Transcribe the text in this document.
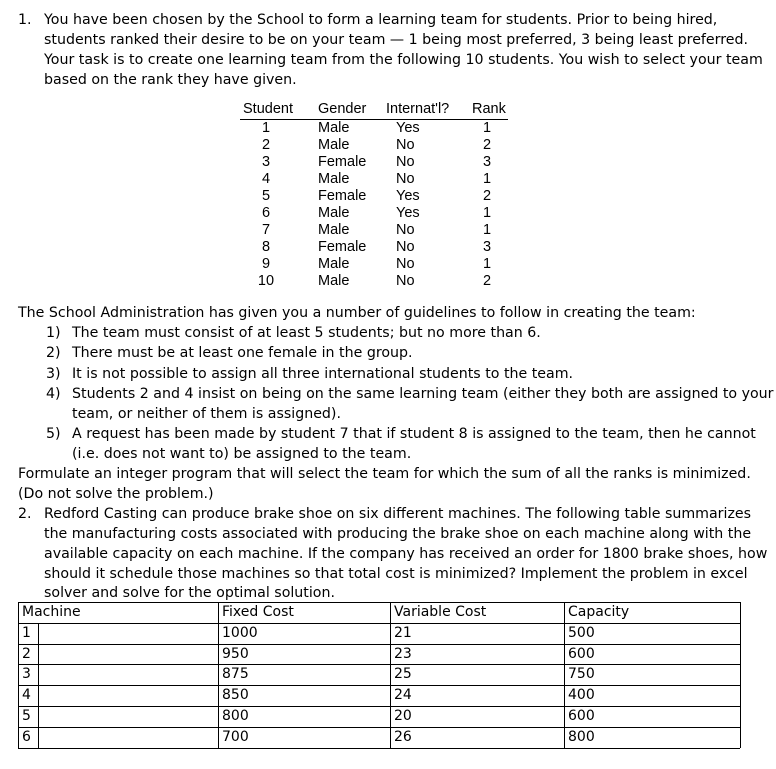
1. You have been chosen by the School to form a learning team for students. Prior to being hired,
students ranked their desire to be on your team — 1 being most preferred, 3 being least preferred.
Your task is to create one learning team from the following 10 students. You wish to select your team
based on the rank they have given.
Student Gender Internat'l? Rank
1	Male	Yes	1
2	Male	No	2
3	Female No	3
4	Male	No	1
5	Female Yes	2
6	Male	Yes	1
7	Male	No	1
8	Female No	3
9	Male	No	1
10	Male	No	2
The School Administration has given you a number of guidelines to follow in creating the team:
1) The team must consist of at least 5 students; but no more than 6.
2) There must be at least one female in the group.
3) It is not possible to assign all three international students to the team.
4) Students 2 and 4 insist on being on the same learning team (either they both are assigned to your
team, or neither of them is assigned).
5) A request has been made by student 7 that if student 8 is assigned to the team, then he cannot
(i.e. does not want to) be assigned to the team.
Formulate an integer program that will select the team for which the sum of all the ranks is minimized.
(Do not solve the problem.)
2. Redford Casting can produce brake shoe on six different machines. The following table summarizes
the manufacturing costs associated with producing the brake shoe on each machine along with the
available capacity on each machine. If the company has received an order for 1800 brake shoes, how
should it schedule those machines so that total cost is minimized? Implement the problem in excel
solver and solve for the optimal solution.
Machine	Fixed Cost	Variable Cost	Capacity
1	1000	21	500
2	950	23	600
3	875	25	750
4	850	24	400
5	800	20	600
6	700	26	800
